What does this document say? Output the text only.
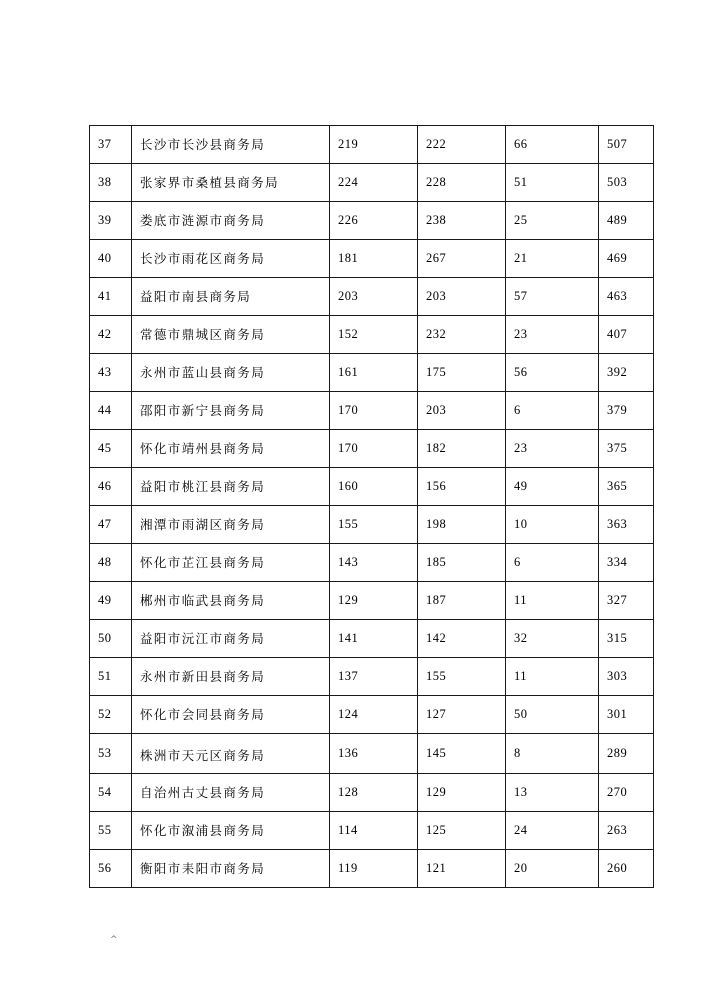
37	长沙市长沙县商务局	219	222	66	507
38	张家界市桑植县商务局	224	228	51	503
39	娄底市涟源市商务局	226	238	25	489
40	长沙市雨花区商务局	181	267	21	469
41	益阳市南县商务局	203	203	57	463
42	常德市鼎城区商务局	152	232	23	407
43	永州市蓝山县商务局	161	175	56	392
44	邵阳市新宁县商务局	170	203	6	379
45	怀化市靖州县商务局	170	182	23	375
46	益阳市桃江县商务局	160	156	49	365
47	湘潭市雨湖区商务局	155	198	10	363
48	怀化市芷江县商务局	143	185	6	334
49	郴州市临武县商务局	129	187	11	327
50	益阳市沅江市商务局	141	142	32	315
51	永州市新田县商务局	137	155	11	303
52	怀化市会同县商务局	124	127	50	301
53	株洲市天元区商务局	136	145	8	289
54	自治州古丈县商务局	128	129	13	270
55	怀化市溆浦县商务局	114	125	24	263
56	衡阳市耒阳市商务局	119	121	20	260
^
